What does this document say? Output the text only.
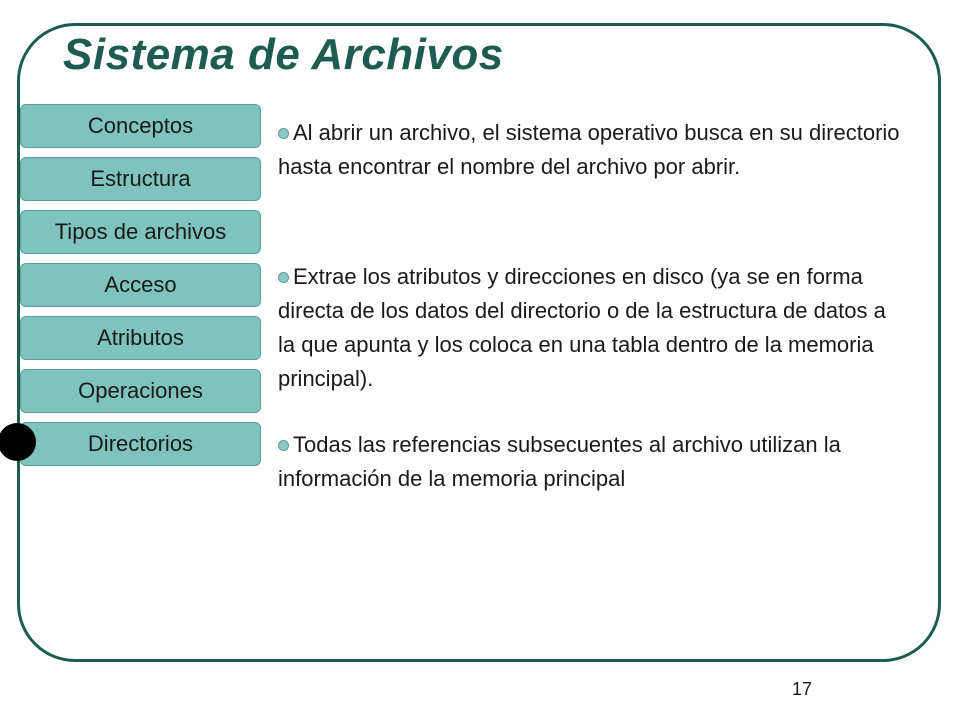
Sistema de Archivos
Conceptos
Estructura
Tipos de archivos
Acceso
Atributos
Operaciones
Directorios
Al abrir un archivo, el sistema operativo busca en su directorio hasta encontrar el nombre del archivo por abrir.
Extrae los atributos y direcciones en disco (ya se en forma directa de los datos del directorio o de la estructura de datos a la que apunta y los coloca en una tabla dentro de la memoria principal).
Todas las referencias subsecuentes al archivo utilizan la información de la memoria principal
17
